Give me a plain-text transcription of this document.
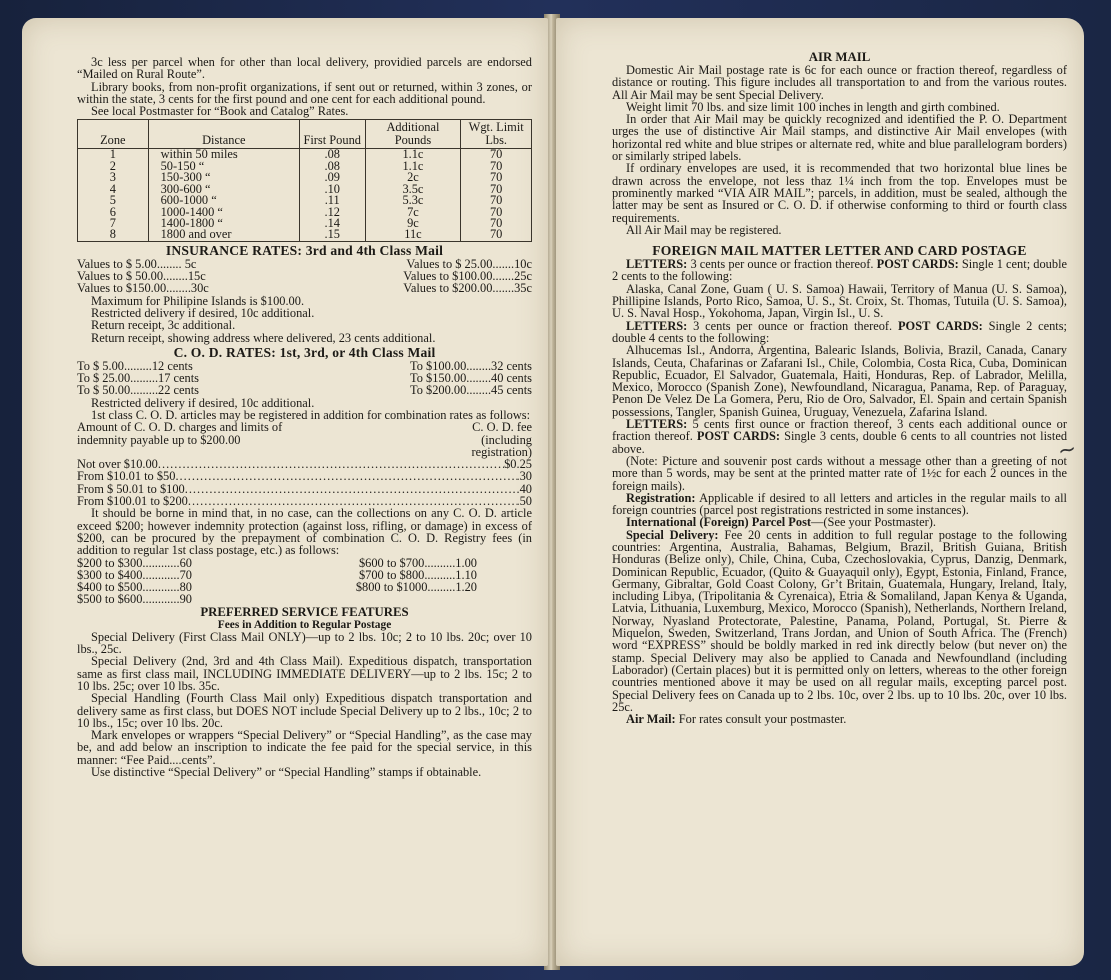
3c less per parcel when for other than local delivery, providied parcels are endorsed “Mailed on Rural Route”.

Library books, from non-profit organizations, if sent out or returned, within 3 zones, or within the state, 3 cents for the first pound and one cent for each additional pound.

See local Postmaster for “Book and Catalog” Rates.

Zone	Distance	First Pound	Additional Pounds	Wgt. Limit Lbs.
1	within 50 miles	.08	1.1c	70
2	50-150 “	.08	1.1c	70
3	150-300 “	.09	2c	70
4	300-600 “	.10	3.5c	70
5	600-1000 “	.11	5.3c	70
6	1000-1400 “	.12	7c	70
7	1400-1800 “	.14	9c	70
8	1800 and over	.15	11c	70
INSURANCE RATES: 3rd and 4th Class Mail
Values to $ 5.00........ 5c	Values to $ 25.00.......10c
Values to $ 50.00........15c	Values to $100.00.......25c
Values to $150.00........30c	Values to $200.00.......35c

Maximum for Philipine Islands is $100.00.

Restricted delivery if desired, 10c additional.

Return receipt, 3c additional.

Return receipt, showing address where delivered, 23 cents additional.

C. O. D. RATES: 1st, 3rd, or 4th Class Mail
To $ 5.00.........12 cents	To $100.00........32 cents
To $ 25.00.........17 cents	To $150.00........40 cents
To $ 50.00.........22 cents	To $200.00........45 cents

Restricted delivery if desired, 10c additional.

1st class C. O. D. articles may be registered in addition for combination rates as follows:

Amount of C. O. D. charges and limits of indemnity payable up to $200.00

C. O. D. fee (including registration)

Not over $10.00 .....	$0.25
From $10.01 to $50 .....	.30
From $ 50.01 to $100 .....	.40
From $100.01 to $200 .....	.50

It should be borne in mind that, in no case, can the collections on any C. O. D. article exceed $200; however indemnity protection (against loss, rifling, or damage) in excess of $200, can be procured by the prepayment of combination C. O. D. Registry fees (in addition to regular 1st class postage, etc.) as follows:

$200 to $300............60	$600 to $700..........1.00
$300 to $400............70	$700 to $800..........1.10
$400 to $500............80	$800 to $1000.........1.20
$500 to $600............90
PREFERRED SERVICE FEATURES
Fees in Addition to Regular Postage

Special Delivery (First Class Mail ONLY)—up to 2 lbs. 10c; 2 to 10 lbs. 20c; over 10 lbs., 25c.

Special Delivery (2nd, 3rd and 4th Class Mail). Expeditious dispatch, transportation same as first class mail, INCLUDING IMMEDIATE DELIVERY—up to 2 lbs. 15c; 2 to 10 lbs. 25c; over 10 lbs. 35c.

Special Handling (Fourth Class Mail only) Expeditious dispatch transportation and delivery same as first class, but DOES NOT include Special Delivery up to 2 lbs., 10c; 2 to 10 lbs., 15c; over 10 lbs. 20c.

Mark envelopes or wrappers “Special Delivery” or “Special Handling”, as the case may be, and add below an inscription to indicate the fee paid for the special service, in this manner: “Fee Paid....cents”.

Use distinctive “Special Delivery” or “Special Handling” stamps if obtainable.

AIR MAIL

Domestic Air Mail postage rate is 6c for each ounce or fraction thereof, regardless of distance or routing. This figure includes all transportation to and from the various routes. All Air Mail may be sent Special Delivery.

Weight limit 70 lbs. and size limit 100 inches in length and girth combined.

In order that Air Mail may be quickly recognized and identified the P. O. Department urges the use of distinctive Air Mail stamps, and distinctive Air Mail envelopes (with horizontal red white and blue stripes or alternate red, white and blue parallelogram borders) or similarly striped labels.

If ordinary envelopes are used, it is recommended that two horizontal blue lines be drawn across the envelope, not less thaz 1¼ inch from the top. Envelopes must be prominently marked “VIA AIR MAIL”; parcels, in addition, must be sealed, although the latter may be sent as Insured or C. O. D. if otherwise conforming to third or fourth class requirements.

All Air Mail may be registered.

FOREIGN MAIL MATTER LETTER AND CARD POSTAGE

LETTERS: 3 cents per ounce or fraction thereof. POST CARDS: Single 1 cent; double 2 cents to the following:

Alaska, Canal Zone, Guam ( U. S. Samoa) Hawaii, Territory of Manua (U. S. Samoa), Phillipine Islands, Porto Rico, Samoa, U. S., St. Croix, St. Thomas, Tutuila (U. S. Samoa), U. S. Naval Hosp., Yokohoma, Japan, Virgin Isl., U. S.

LETTERS: 3 cents per ounce or fraction thereof. POST CARDS: Single 2 cents; double 4 cents to the following:

Alhucemas Isl., Andorra, Argentina, Balearic Islands, Bolivia, Brazil, Canada, Canary Islands, Ceuta, Chafarinas or Zafarani Isl., Chile, Colombia, Costa Rica, Cuba, Dominican Republic, Ecuador, El Salvador, Guatemala, Haiti, Honduras, Rep. of Labrador, Melilla, Mexico, Morocco (Spanish Zone), Newfoundland, Nicaragua, Panama, Rep. of Paraguay, Penon De Velez De La Gomera, Peru, Rio de Oro, Salvador, El. Spain and certain Spanish possessions, Tangler, Spanish Guinea, Uruguay, Venezuela, Zafarina Island.

LETTERS: 5 cents first ounce or fraction thereof, 3 cents each additional ounce or fraction thereof. POST CARDS: Single 3 cents, double 6 cents to all countries not listed above.

(Note: Picture and souvenir post cards without a message other than a greeting of not more than 5 words, may be sent at the printed matter rate of 1½c for each 2 ounces in the foreign mails).

Registration: Applicable if desired to all letters and articles in the regular mails to all foreign countries (parcel post registrations restricted in some instances).

International (Foreign) Parcel Post—(See your Postmaster).

Special Delivery: Fee 20 cents in addition to full regular postage to the following countries: Argentina, Australia, Bahamas, Belgium, Brazil, British Guiana, British Honduras (Belize only), Chile, China, Cuba, Czechoslovakia, Cyprus, Danzig, Denmark, Dominican Republic, Ecuador, (Quito & Guayaquil only), Egypt, Estonia, Finland, France, Germany, Gibraltar, Gold Coast Colony, Gr’t Britain, Guatemala, Hungary, Ireland, Italy, including Libya, (Tripolitania & Cyrenaica), Etria & Somaliland, Japan Kenya & Uganda, Latvia, Lithuania, Luxemburg, Mexico, Morocco (Spanish), Netherlands, Northern Ireland, Norway, Nyasland Protectorate, Palestine, Panama, Poland, Portugal, St. Pierre & Miquelon, Sweden, Switzerland, Trans Jordan, and Union of South Africa. The (French) word “EXPRESS” should be boldly marked in red ink directly below (but never on) the stamp. Special Delivery may also be applied to Canada and Newfoundland (including Laborador) (Certain places) but it is permitted only on letters, whereas to the other foreign countries mentioned above it may be used on all regular mails, excepting parcel post. Special Delivery fees on Canada up to 2 lbs. 10c, over 2 lbs. up to 10 lbs. 20c, over 10 lbs. 25c.

Air Mail: For rates consult your postmaster.

~
